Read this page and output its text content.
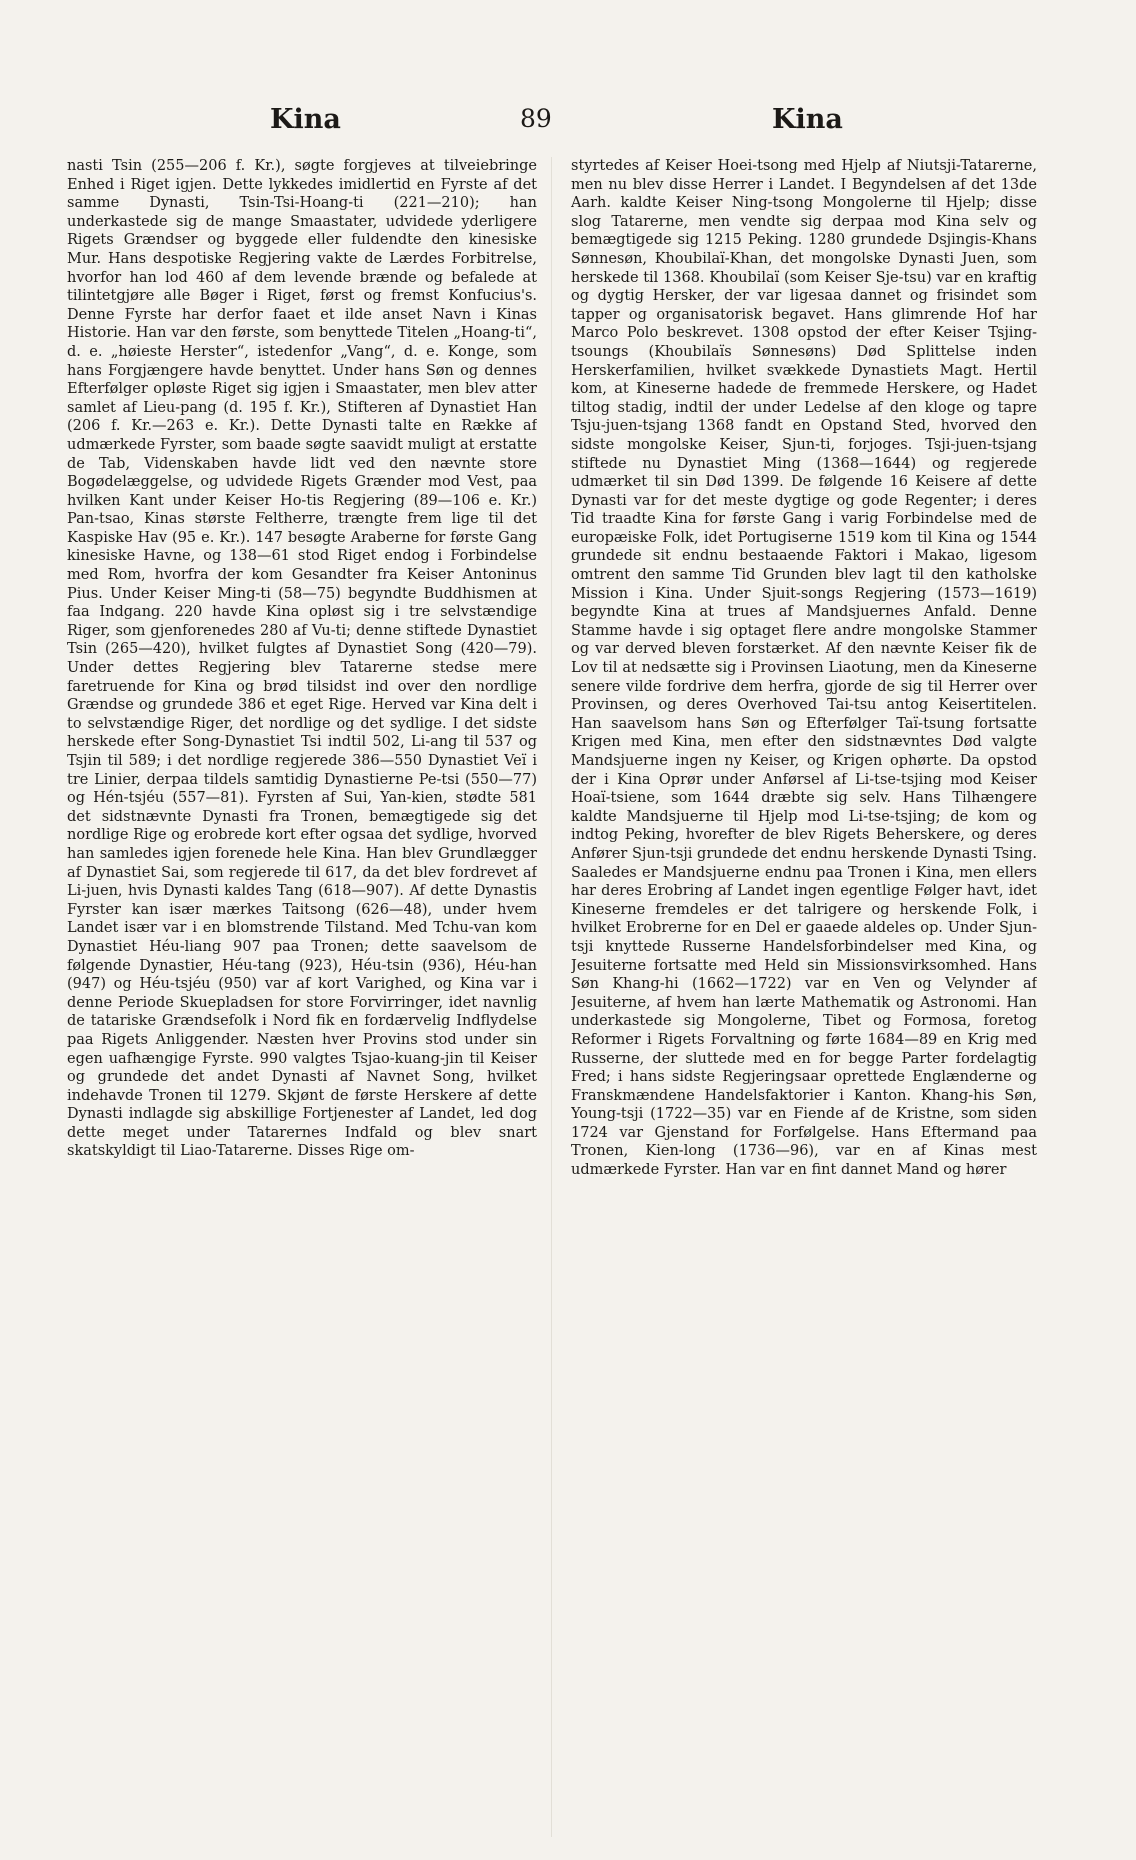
Kina	89	Kina

nasti Tsin (255—206 f. Kr.), søgte forgjeves at tilveiebringe Enhed i Riget igjen. Dette lykkedes imidlertid en Fyrste af det samme Dynasti, Tsin-Tsi-Hoang-ti (221—210); han underkastede sig de mange Smaastater, udvidede yderligere Rigets Grændser og byggede eller fuldendte den kinesiske Mur. Hans despotiske Regjering vakte de Lærdes Forbitrelse, hvorfor han lod 460 af dem levende brænde og befalede at tilintetgjøre alle Bøger i Riget, først og fremst Konfucius's. Denne Fyrste har derfor faaet et ilde anset Navn i Kinas Historie. Han var den første, som benyttede Titelen „Hoang-ti“, d. e. „høieste Herster“, istedenfor „Vang“, d. e. Konge, som hans Forgjængere havde benyttet. Under hans Søn og dennes Efterfølger opløste Riget sig igjen i Smaastater, men blev atter samlet af Lieu-pang (d. 195 f. Kr.), Stifteren af Dynastiet Han (206 f. Kr.—263 e. Kr.). Dette Dynasti talte en Række af udmærkede Fyrster, som baade søgte saavidt muligt at erstatte de Tab, Videnskaben havde lidt ved den nævnte store Bogødelæggelse, og udvidede Rigets Grænder mod Vest, paa hvilken Kant under Keiser Ho-tis Regjering (89—106 e. Kr.) Pan-tsao, Kinas største Feltherre, trængte frem lige til det Kaspiske Hav (95 e. Kr.). 147 besøgte Araberne for første Gang kinesiske Havne, og 138—61 stod Riget endog i Forbindelse med Rom, hvorfra der kom Gesandter fra Keiser Antoninus Pius. Under Keiser Ming-ti (58—75) begyndte Buddhismen at faa Indgang. 220 havde Kina opløst sig i tre selvstændige Riger, som gjenforenedes 280 af Vu-ti; denne stiftede Dynastiet Tsin (265—420), hvilket fulgtes af Dynastiet Song (420—79). Under dettes Regjering blev Tatarerne stedse mere faretruende for Kina og brød tilsidst ind over den nordlige Grændse og grundede 386 et eget Rige. Herved var Kina delt i to selvstændige Riger, det nordlige og det sydlige. I det sidste herskede efter Song-Dynastiet Tsi indtil 502, Li-ang til 537 og Tsjin til 589; i det nordlige regjerede 386—550 Dynastiet Veï i tre Linier, derpaa tildels samtidig Dynastierne Pe-tsi (550—77) og Hén-tsjéu (557—81). Fyrsten af Sui, Yan-kien, stødte 581 det sidstnævnte Dynasti fra Tronen, bemægtigede sig det nordlige Rige og erobrede kort efter ogsaa det sydlige, hvorved han samledes igjen forenede hele Kina. Han blev Grundlægger af Dynastiet Sai, som regjerede til 617, da det blev fordrevet af Li-juen, hvis Dynasti kaldes Tang (618—907). Af dette Dynastis Fyrster kan især mærkes Taitsong (626—48), under hvem Landet især var i en blomstrende Tilstand. Med Tchu-van kom Dynastiet Héu-liang 907 paa Tronen; dette saavelsom de følgende Dynastier, Héu-tang (923), Héu-tsin (936), Héu-han (947) og Héu-tsjéu (950) var af kort Varighed, og Kina var i denne Periode Skuepladsen for store Forvirringer, idet navnlig de tatariske Grændsefolk i Nord fik en fordærvelig Indflydelse paa Rigets Anliggender. Næsten hver Provins stod under sin egen uafhængige Fyrste. 990 valgtes Tsjao-kuang-jin til Keiser og grundede det andet Dynasti af Navnet Song, hvilket indehavde Tronen til 1279. Skjønt de første Herskere af dette Dynasti indlagde sig abskillige Fortjenester af Landet, led dog dette meget under Tatarernes Indfald og blev snart skatskyldigt til Liao-Tatarerne. Disses Rige om-

styrtedes af Keiser Hoei-tsong med Hjelp af Niutsji-Tatarerne, men nu blev disse Herrer i Landet. I Begyndelsen af det 13de Aarh. kaldte Keiser Ning-tsong Mongolerne til Hjelp; disse slog Tatarerne, men vendte sig derpaa mod Kina selv og bemægtigede sig 1215 Peking. 1280 grundede Dsjingis-Khans Sønnesøn, Khoubilaï-Khan, det mongolske Dynasti Juen, som herskede til 1368. Khoubilaï (som Keiser Sje-tsu) var en kraftig og dygtig Hersker, der var ligesaa dannet og frisindet som tapper og organisatorisk begavet. Hans glimrende Hof har Marco Polo beskrevet. 1308 opstod der efter Keiser Tsjing-tsoungs (Khoubilaïs Sønnesøns) Død Splittelse inden Herskerfamilien, hvilket svækkede Dynastiets Magt. Hertil kom, at Kineserne hadede de fremmede Herskere, og Hadet tiltog stadig, indtil der under Ledelse af den kloge og tapre Tsju-juen-tsjang 1368 fandt en Opstand Sted, hvorved den sidste mongolske Keiser, Sjun-ti, forjoges. Tsji-juen-tsjang stiftede nu Dynastiet Ming (1368—1644) og regjerede udmærket til sin Død 1399. De følgende 16 Keisere af dette Dynasti var for det meste dygtige og gode Regenter; i deres Tid traadte Kina for første Gang i varig Forbindelse med de europæiske Folk, idet Portugiserne 1519 kom til Kina og 1544 grundede sit endnu bestaaende Faktori i Makao, ligesom omtrent den samme Tid Grunden blev lagt til den katholske Mission i Kina. Under Sjuit-songs Regjering (1573—1619) begyndte Kina at trues af Mandsjuernes Anfald. Denne Stamme havde i sig optaget flere andre mongolske Stammer og var derved bleven forstærket. Af den nævnte Keiser fik de Lov til at nedsætte sig i Provinsen Liaotung, men da Kineserne senere vilde fordrive dem herfra, gjorde de sig til Herrer over Provinsen, og deres Overhoved Tai-tsu antog Keisertitelen. Han saavelsom hans Søn og Efterfølger Taï-tsung fortsatte Krigen med Kina, men efter den sidstnævntes Død valgte Mandsjuerne ingen ny Keiser, og Krigen ophørte. Da opstod der i Kina Oprør under Anførsel af Li-tse-tsjing mod Keiser Hoaï-tsiene, som 1644 dræbte sig selv. Hans Tilhængere kaldte Mandsjuerne til Hjelp mod Li-tse-tsjing; de kom og indtog Peking, hvorefter de blev Rigets Beherskere, og deres Anfører Sjun-tsji grundede det endnu herskende Dynasti Tsing. Saaledes er Mandsjuerne endnu paa Tronen i Kina, men ellers har deres Erobring af Landet ingen egentlige Følger havt, idet Kineserne fremdeles er det talrigere og herskende Folk, i hvilket Erobrerne for en Del er gaaede aldeles op. Under Sjun-tsji knyttede Russerne Handelsforbindelser med Kina, og Jesuiterne fortsatte med Held sin Missionsvirksomhed. Hans Søn Khang-hi (1662—1722) var en Ven og Velynder af Jesuiterne, af hvem han lærte Mathematik og Astronomi. Han underkastede sig Mongolerne, Tibet og Formosa, foretog Reformer i Rigets Forvaltning og førte 1684—89 en Krig med Russerne, der sluttede med en for begge Parter fordelagtig Fred; i hans sidste Regjeringsaar oprettede Englænderne og Franskmændene Handelsfaktorier i Kanton. Khang-his Søn, Young-tsji (1722—35) var en Fiende af de Kristne, som siden 1724 var Gjenstand for Forfølgelse. Hans Eftermand paa Tronen, Kien-long (1736—96), var en af Kinas mest udmærkede Fyrster. Han var en fint dannet Mand og hører
